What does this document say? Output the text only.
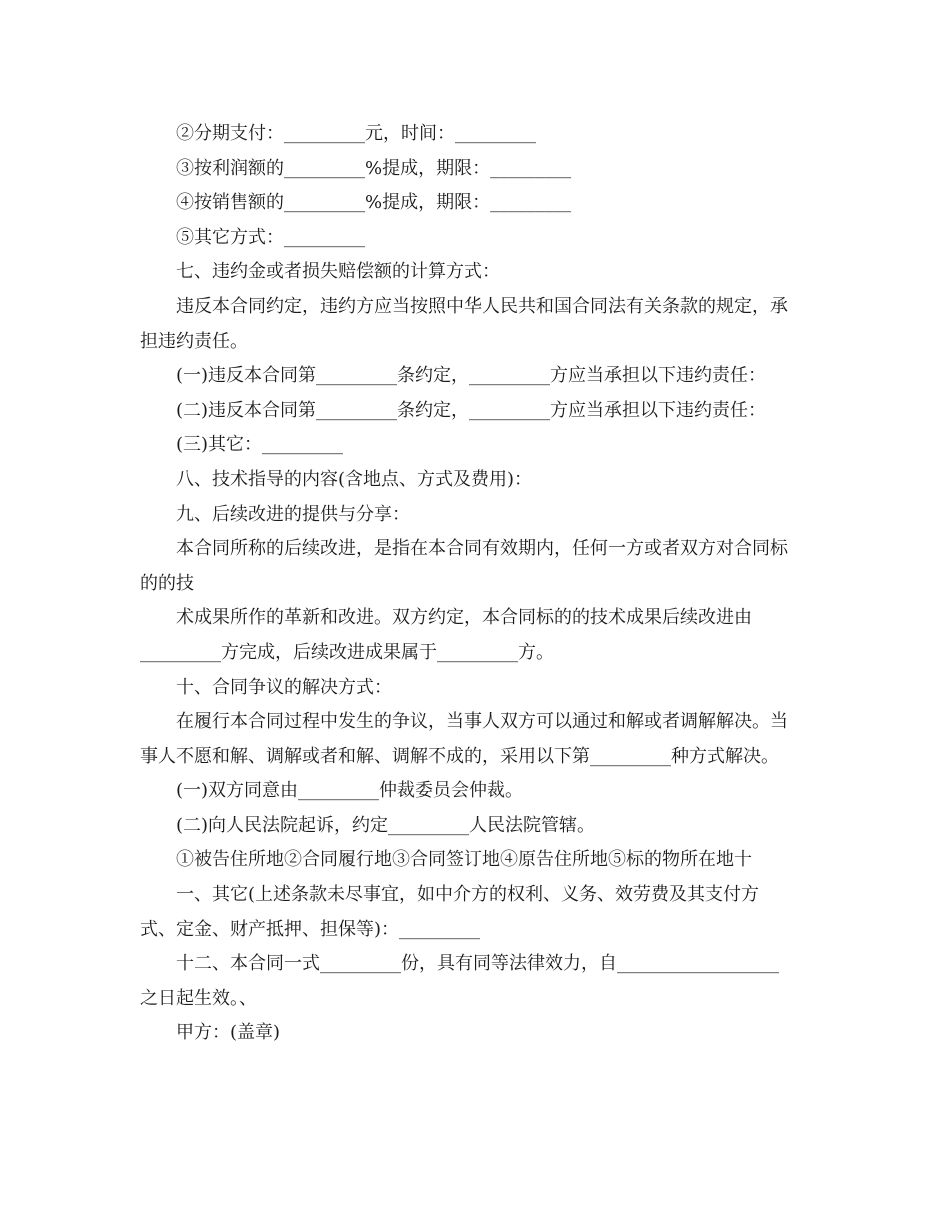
②分期支付：_________元，时间：_________

③按利润额的_________%提成，期限：_________

④按销售额的_________%提成，期限：_________

⑤其它方式：_________

七、违约金或者损失赔偿额的计算方式：

违反本合同约定，违约方应当按照中华人民共和国合同法有关条款的规定，承

担违约责任。

(一)违反本合同第_________条约定，_________方应当承担以下违约责任：

(二)违反本合同第_________条约定，_________方应当承担以下违约责任：

(三)其它：_________

八、技术指导的内容(含地点、方式及费用)：

九、后续改进的提供与分享：

本合同所称的后续改进，是指在本合同有效期内，任何一方或者双方对合同标

的的技

术成果所作的革新和改进。双方约定，本合同标的的技术成果后续改进由

_________方完成，后续改进成果属于_________方。

十、合同争议的解决方式：

在履行本合同过程中发生的争议，当事人双方可以通过和解或者调解解决。当

事人不愿和解、调解或者和解、调解不成的，采用以下第_________种方式解决。

(一)双方同意由_________仲裁委员会仲裁。

(二)向人民法院起诉，约定_________人民法院管辖。

①被告住所地②合同履行地③合同签订地④原告住所地⑤标的物所在地十

一、其它(上述条款未尽事宜，如中介方的权利、义务、效劳费及其支付方

式、定金、财产抵押、担保等)：_________

十二、本合同一式_________份，具有同等法律效力，自__________________

之日起生效。、

甲方：(盖章)
